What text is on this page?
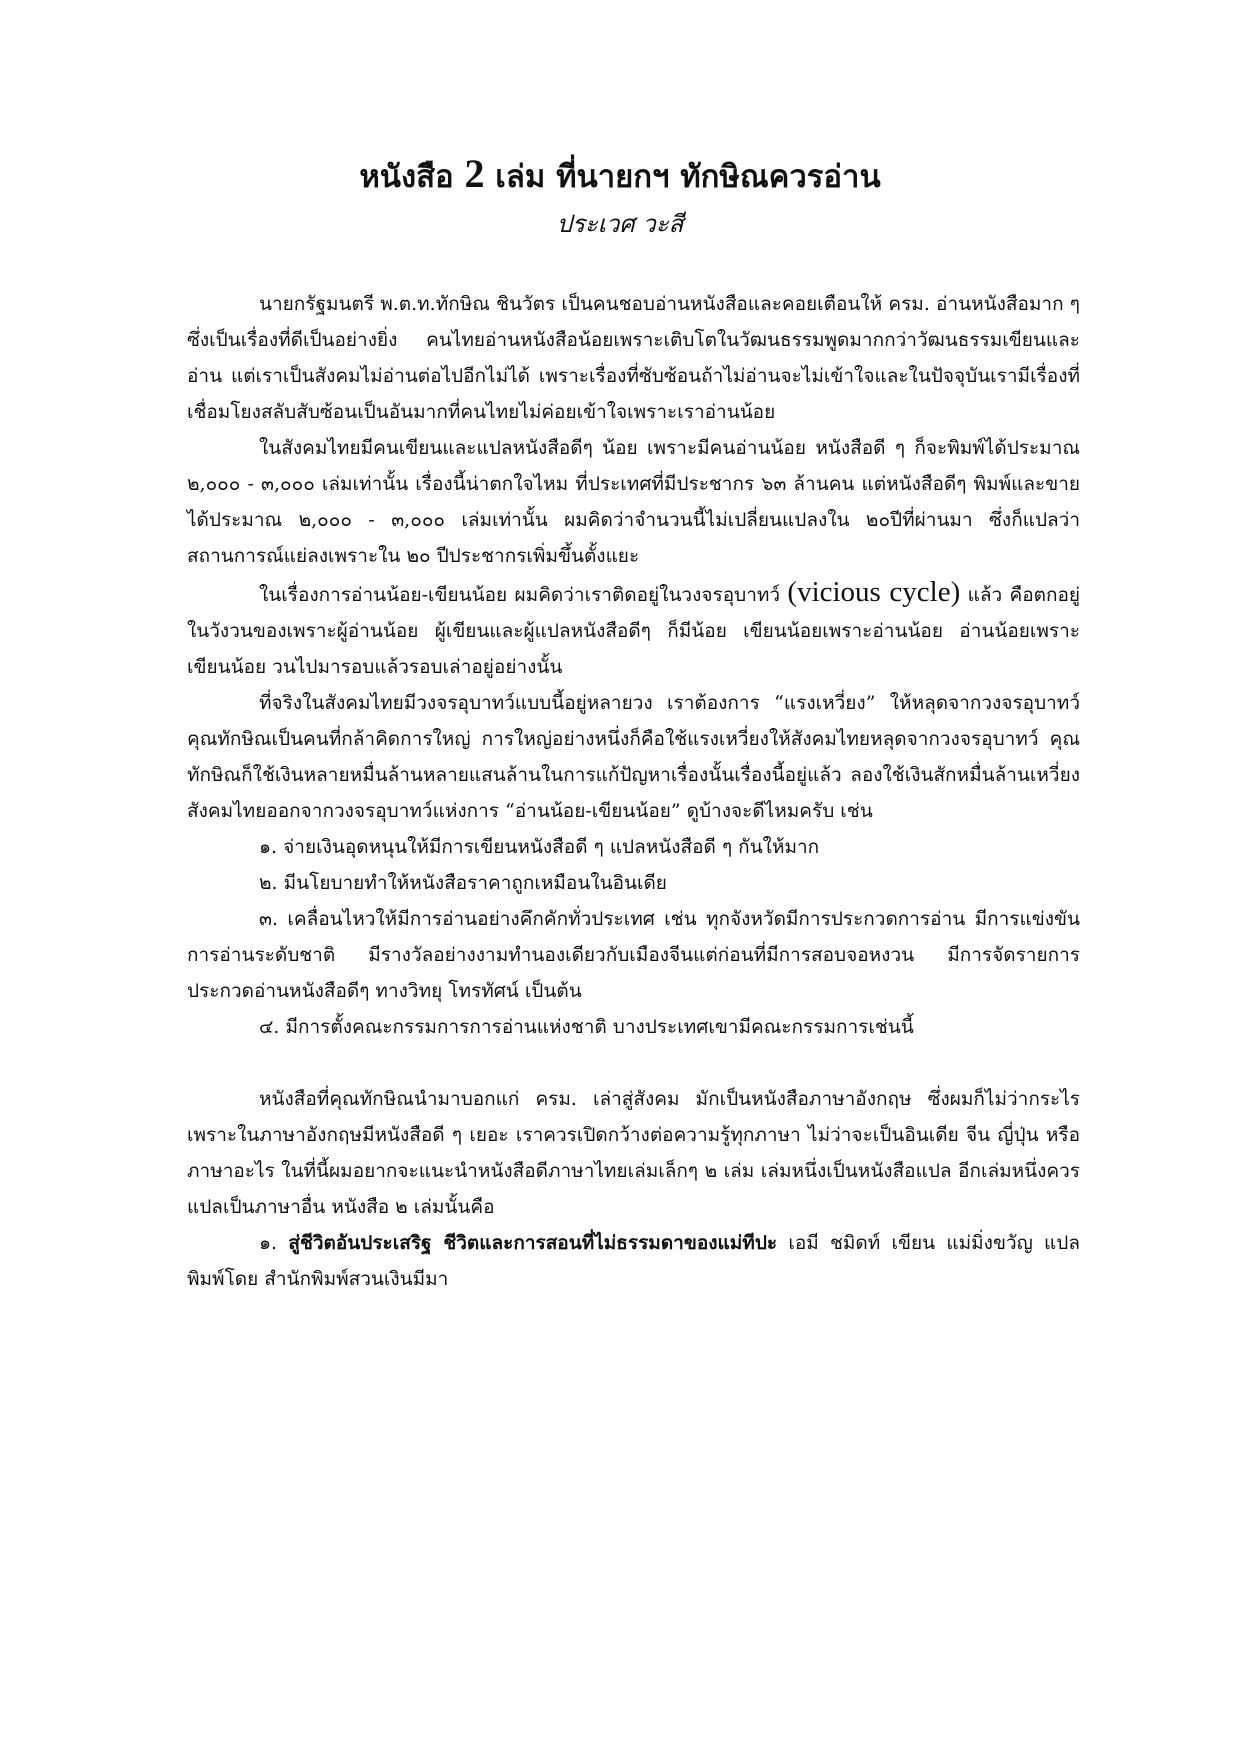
หนังสือ 2 เล่ม ที่นายกฯ ทักษิณควรอ่าน

ประเวศ วะสี

นายกรัฐมนตรี พ.ต.ท.ทักษิณ ชินวัตร เป็นคนชอบอ่านหนังสือและคอยเตือนให้ ครม. อ่านหนังสือมาก ๆ ซึ่งเป็นเรื่องที่ดีเป็นอย่างยิ่ง คนไทยอ่านหนังสือน้อยเพราะเติบโตในวัฒนธรรมพูดมากกว่าวัฒนธรรมเขียนและอ่าน แต่เราเป็นสังคมไม่อ่านต่อไปอีกไม่ได้ เพราะเรื่องที่ซับซ้อนถ้าไม่อ่านจะไม่เข้าใจและในปัจจุบันเรามีเรื่องที่เชื่อมโยงสลับสับซ้อนเป็นอันมากที่คนไทยไม่ค่อยเข้าใจเพราะเราอ่านน้อย

ในสังคมไทยมีคนเขียนและแปลหนังสือดีๆ น้อย เพราะมีคนอ่านน้อย หนังสือดี ๆ ก็จะพิมพ์ได้ประมาณ ๒,๐๐๐ - ๓,๐๐๐ เล่มเท่านั้น เรื่องนี้น่าตกใจไหม ที่ประเทศที่มีประชากร ๖๓ ล้านคน แต่หนังสือดีๆ พิมพ์และขายได้ประมาณ ๒,๐๐๐ - ๓,๐๐๐ เล่มเท่านั้น ผมคิดว่าจำนวนนี้ไม่เปลี่ยนแปลงใน ๒๐ปีที่ผ่านมา ซึ่งก็แปลว่าสถานการณ์แย่ลงเพราะใน ๒๐ ปีประชากรเพิ่มขึ้นตั้งแยะ

ในเรื่องการอ่านน้อย-เขียนน้อย ผมคิดว่าเราติดอยู่ในวงจรอุบาทว์ (vicious cycle) แล้ว คือตกอยู่ในวังวนของเพราะผู้อ่านน้อย ผู้เขียนและผู้แปลหนังสือดีๆ ก็มีน้อย เขียนน้อยเพราะอ่านน้อย อ่านน้อยเพราะเขียนน้อย วนไปมารอบแล้วรอบเล่าอยู่อย่างนั้น

ที่จริงในสังคมไทยมีวงจรอุบาทว์แบบนี้อยู่หลายวง เราต้องการ “แรงเหวี่ยง” ให้หลุดจากวงจรอุบาทว์ คุณทักษิณเป็นคนที่กล้าคิดการใหญ่ การใหญ่อย่างหนึ่งก็คือใช้แรงเหวี่ยงให้สังคมไทยหลุดจากวงจรอุบาทว์ คุณทักษิณก็ใช้เงินหลายหมื่นล้านหลายแสนล้านในการแก้ปัญหาเรื่องนั้นเรื่องนี้อยู่แล้ว ลองใช้เงินสักหมื่นล้านเหวี่ยงสังคมไทยออกจากวงจรอุบาทว์แห่งการ “อ่านน้อย-เขียนน้อย” ดูบ้างจะดีไหมครับ เช่น

๑. จ่ายเงินอุดหนุนให้มีการเขียนหนังสือดี ๆ แปลหนังสือดี ๆ กันให้มาก

๒. มีนโยบายทำให้หนังสือราคาถูกเหมือนในอินเดีย

๓. เคลื่อนไหวให้มีการอ่านอย่างคึกคักทั่วประเทศ เช่น ทุกจังหวัดมีการประกวดการอ่าน มีการแข่งขันการอ่านระดับชาติ มีรางวัลอย่างงามทำนองเดียวกับเมืองจีนแต่ก่อนที่มีการสอบจอหงวน มีการจัดรายการประกวดอ่านหนังสือดีๆ ทางวิทยุ โทรทัศน์ เป็นต้น

๔. มีการตั้งคณะกรรมการการอ่านแห่งชาติ บางประเทศเขามีคณะกรรมการเช่นนี้

หนังสือที่คุณทักษิณนำมาบอกแก่ ครม. เล่าสู่สังคม มักเป็นหนังสือภาษาอังกฤษ ซึ่งผมก็ไม่ว่ากระไร เพราะในภาษาอังกฤษมีหนังสือดี ๆ เยอะ เราควรเปิดกว้างต่อความรู้ทุกภาษา ไม่ว่าจะเป็นอินเดีย จีน ญี่ปุ่น หรือภาษาอะไร ในที่นี้ผมอยากจะแนะนำหนังสือดีภาษาไทยเล่มเล็กๆ ๒ เล่ม เล่มหนึ่งเป็นหนังสือแปล อีกเล่มหนึ่งควรแปลเป็นภาษาอื่น หนังสือ ๒ เล่มนั้นคือ

๑. สู่ชีวิตอันประเสริฐ ชีวิตและการสอนที่ไม่ธรรมดาของแม่ทีปะ เอมี ชมิดท์ เขียน แม่มิ่งขวัญ แปล พิมพ์โดย สำนักพิมพ์สวนเงินมีมา
